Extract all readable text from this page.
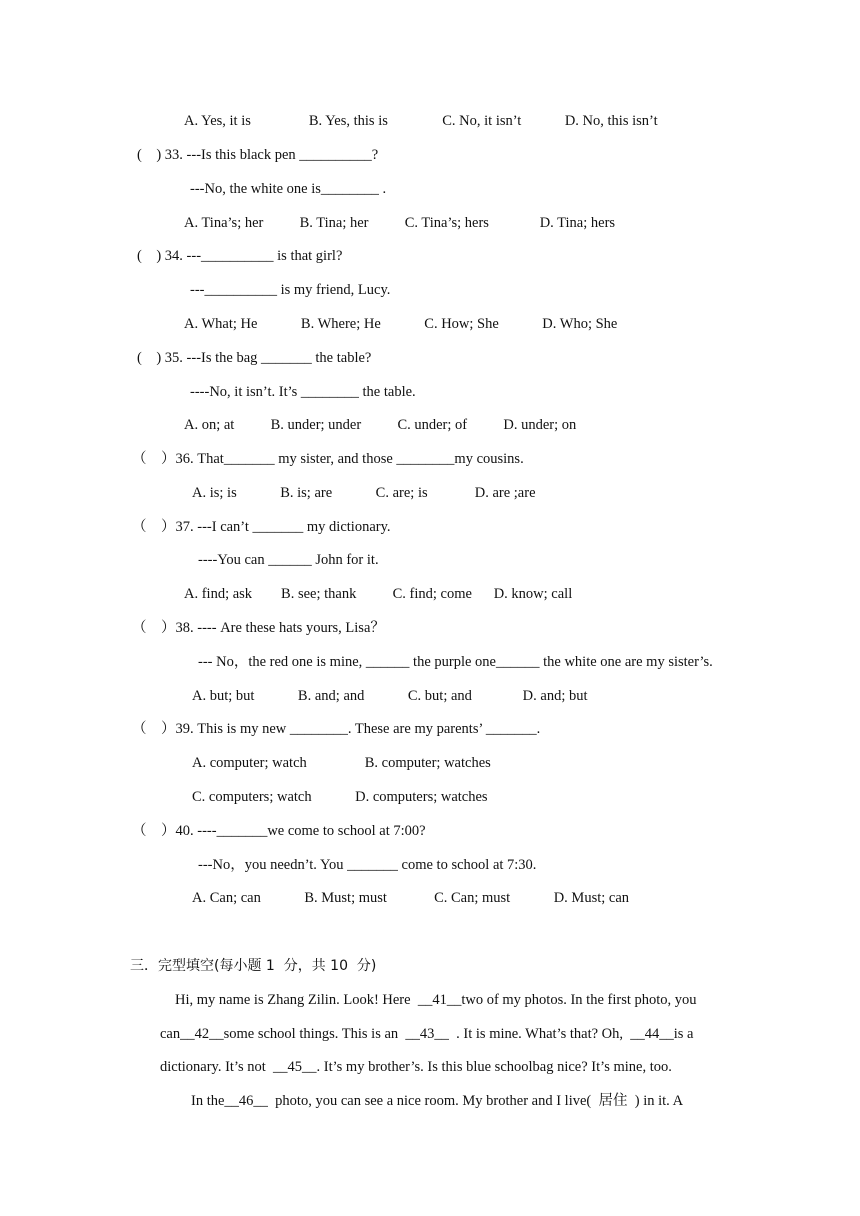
A. Yes, it is                B. Yes, this is               C. No, it isn’t            D. No, this isn’t
(    ) 33. ---Is this black pen __________?
---No, the white one is________ .
A. Tina’s; her          B. Tina; her          C. Tina’s; hers              D. Tina; hers
(    ) 34. ---__________ is that girl?
---__________ is my friend, Lucy.
A. What; He            B. Where; He            C. How; She            D. Who; She
(    ) 35. ---Is the bag _______ the table?
----No, it isn’t. It’s ________ the table.
A. on; at          B. under; under          C. under; of          D. under; on
（    ）36. That_______ my sister, and those ________my cousins.
A. is; is            B. is; are            C. are; is             D. are ;are
（    ）37. ---I can’t _______ my dictionary.
----You can ______ John for it.
A. find; ask        B. see; thank          C. find; come      D. know; call
（    ）38. ---- Are these hats yours, Lisa？
--- No，the red one is mine, ______ the purple one______ the white one are my sister’s.
A. but; but            B. and; and            C. but; and              D. and; but
（    ）39. This is my new ________. These are my parents’ _______.
A. computer; watch                B. computer; watches
C. computers; watch            D. computers; watches
（    ）40. ----_______we come to school at 7:00?
---No，you needn’t. You _______ come to school at 7:30.
A. Can; can            B. Must; must             C. Can; must            D. Must; can
三．完型填空(每小题 1  分，共 10  分)
Hi, my name is Zhang Zilin. Look! Here  __41__two of my photos. In the first photo, you
can__42__some school things. This is an  __43__  . It is mine. What’s that? Oh,  __44__is a
dictionary. It’s not  __45__. It’s my brother’s. Is this blue schoolbag nice? It’s mine, too.
In the__46__  photo, you can see a nice room. My brother and I live(  居住  ) in it. A
